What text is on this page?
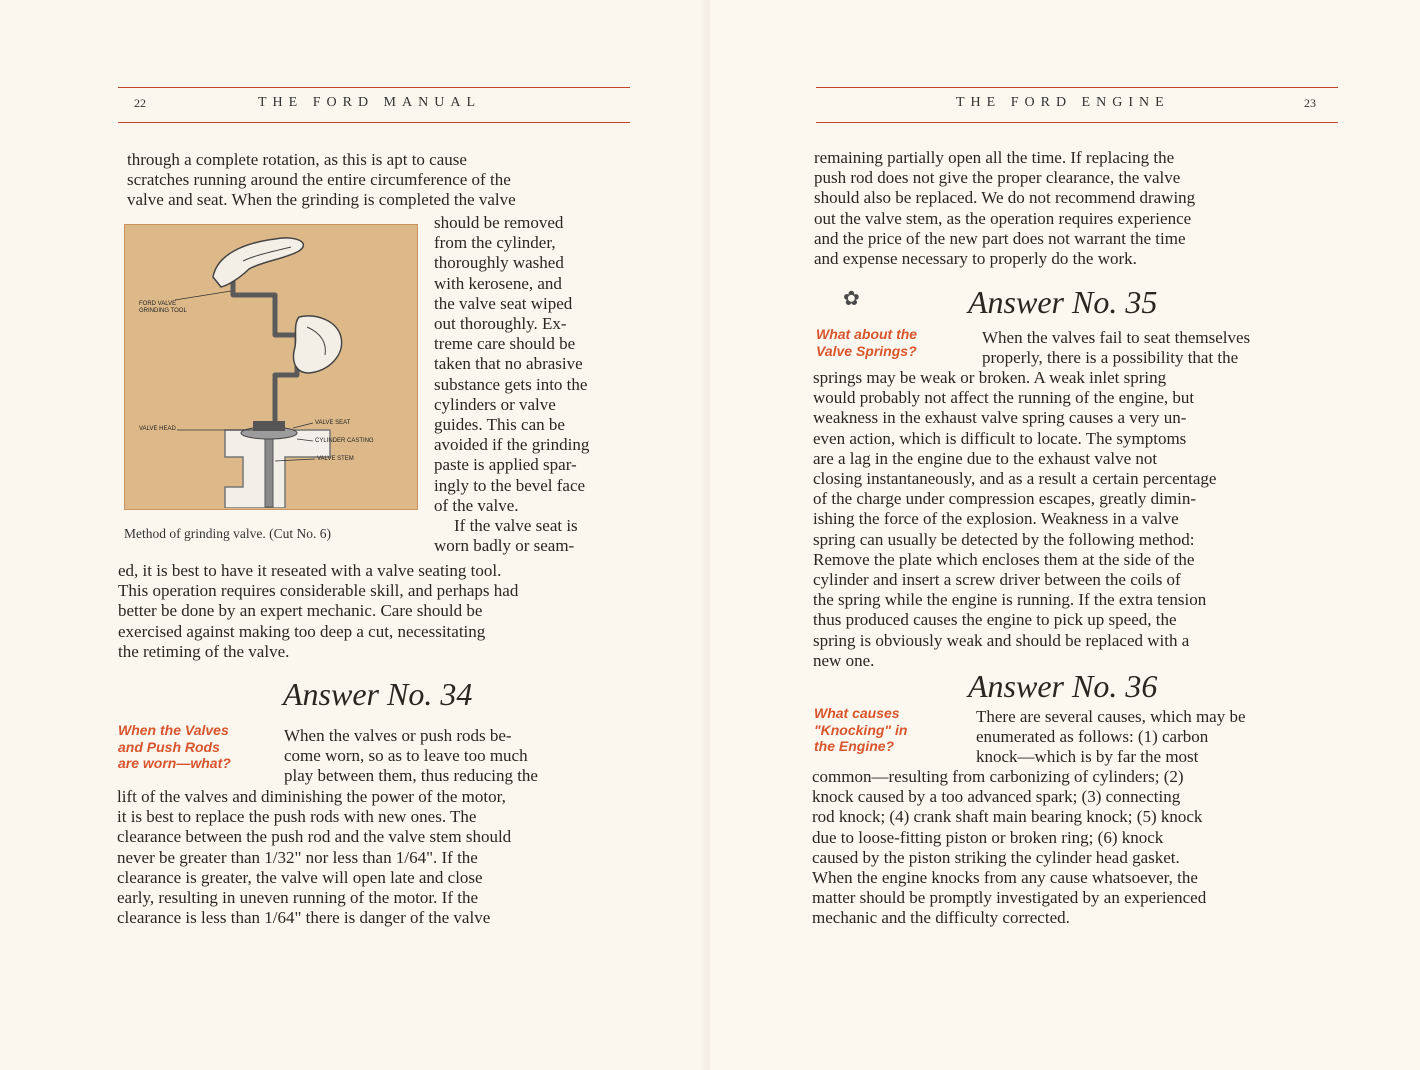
22	THE FORD MANUAL
through a complete rotation, as this is apt to cause
scratches running around the entire circumference of the
valve and seat. When the grinding is completed the valve
FORD VALVE
GRINDING TOOL
VALVE HEAD
VALVE SEAT
CYLINDER CASTING
VALVE STEM
should be removed
from the cylinder,
thoroughly washed
with kerosene, and
the valve seat wiped
out thoroughly. Ex-
treme care should be
taken that no abrasive
substance gets into the
cylinders or valve
guides. This can be
avoided if the grinding
paste is applied spar-
ingly to the bevel face
of the valve.
If the valve seat is
worn badly or seam-
Method of grinding valve. (Cut No. 6)
ed, it is best to have it reseated with a valve seating tool.
This operation requires considerable skill, and perhaps had
better be done by an expert mechanic. Care should be
exercised against making too deep a cut, necessitating
the retiming of the valve.
Answer No. 34
When the Valves
and Push Rods
are worn—what?
When the valves or push rods be-
come worn, so as to leave too much
play between them, thus reducing the
lift of the valves and diminishing the power of the motor,
it is best to replace the push rods with new ones. The
clearance between the push rod and the valve stem should
never be greater than 1/32" nor less than 1/64". If the
clearance is greater, the valve will open late and close
early, resulting in uneven running of the motor. If the
clearance is less than 1/64" there is danger of the valve
THE FORD ENGINE	23
remaining partially open all the time. If replacing the
push rod does not give the proper clearance, the valve
should also be replaced. We do not recommend drawing
out the valve stem, as the operation requires experience
and the price of the new part does not warrant the time
and expense necessary to properly do the work.
✿	Answer No. 35
What about the
Valve Springs?
When the valves fail to seat themselves
properly, there is a possibility that the
springs may be weak or broken. A weak inlet spring
would probably not affect the running of the engine, but
weakness in the exhaust valve spring causes a very un-
even action, which is difficult to locate. The symptoms
are a lag in the engine due to the exhaust valve not
closing instantaneously, and as a result a certain percentage
of the charge under compression escapes, greatly dimin-
ishing the force of the explosion. Weakness in a valve
spring can usually be detected by the following method:
Remove the plate which encloses them at the side of the
cylinder and insert a screw driver between the coils of
the spring while the engine is running. If the extra tension
thus produced causes the engine to pick up speed, the
spring is obviously weak and should be replaced with a
new one.
Answer No. 36
What causes
"Knocking" in
the Engine?
There are several causes, which may be
enumerated as follows: (1) carbon
knock—which is by far the most
common—resulting from carbonizing of cylinders; (2)
knock caused by a too advanced spark; (3) connecting
rod knock; (4) crank shaft main bearing knock; (5) knock
due to loose-fitting piston or broken ring; (6) knock
caused by the piston striking the cylinder head gasket.
When the engine knocks from any cause whatsoever, the
matter should be promptly investigated by an experienced
mechanic and the difficulty corrected.
